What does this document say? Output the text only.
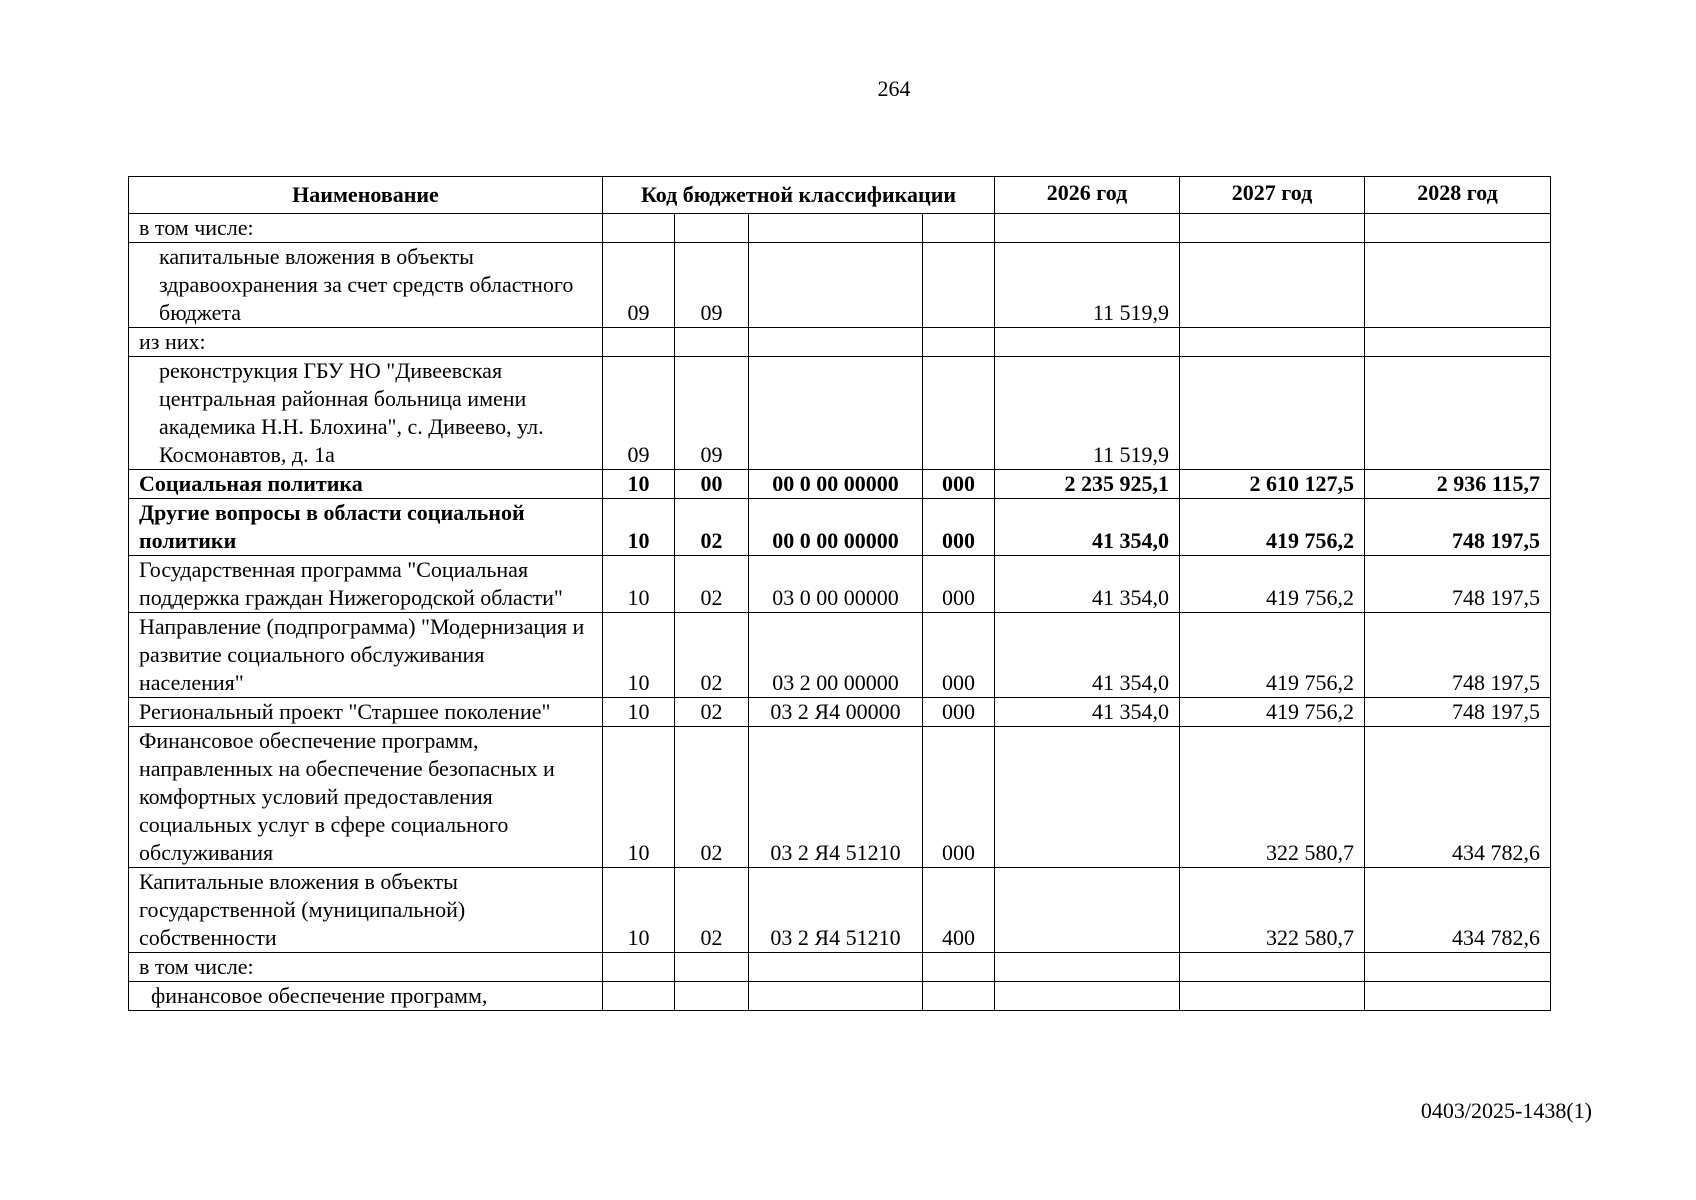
264
Наименование	Код бюджетной классификации				2026 год	2027 год	2028 год
в том числе:							
капитальные вложения в объекты здравоохранения за счет средств областного бюджета	09	09			11 519,9		
из них:							
реконструкция ГБУ НО "Дивеевская центральная районная больница имени академика Н.Н. Блохина", с. Дивеево, ул. Космонавтов, д. 1а	09	09			11 519,9		
Социальная политика	10	00	00 0 00 00000	000	2 235 925,1	2 610 127,5	2 936 115,7
Другие вопросы в области социальной политики	10	02	00 0 00 00000	000	41 354,0	419 756,2	748 197,5
Государственная программа "Социальная поддержка граждан Нижегородской области"	10	02	03 0 00 00000	000	41 354,0	419 756,2	748 197,5
Направление (подпрограмма) "Модернизация и развитие социального обслуживания населения"	10	02	03 2 00 00000	000	41 354,0	419 756,2	748 197,5
Региональный проект "Старшее поколение"	10	02	03 2 Я4 00000	000	41 354,0	419 756,2	748 197,5
Финансовое обеспечение программ, направленных на обеспечение безопасных и комфортных условий предоставления социальных услуг в сфере социального обслуживания	10	02	03 2 Я4 51210	000		322 580,7	434 782,6
Капитальные вложения в объекты государственной (муниципальной) собственности	10	02	03 2 Я4 51210	400		322 580,7	434 782,6
в том числе:							
финансовое обеспечение программ,							
0403/2025-1438(1)
